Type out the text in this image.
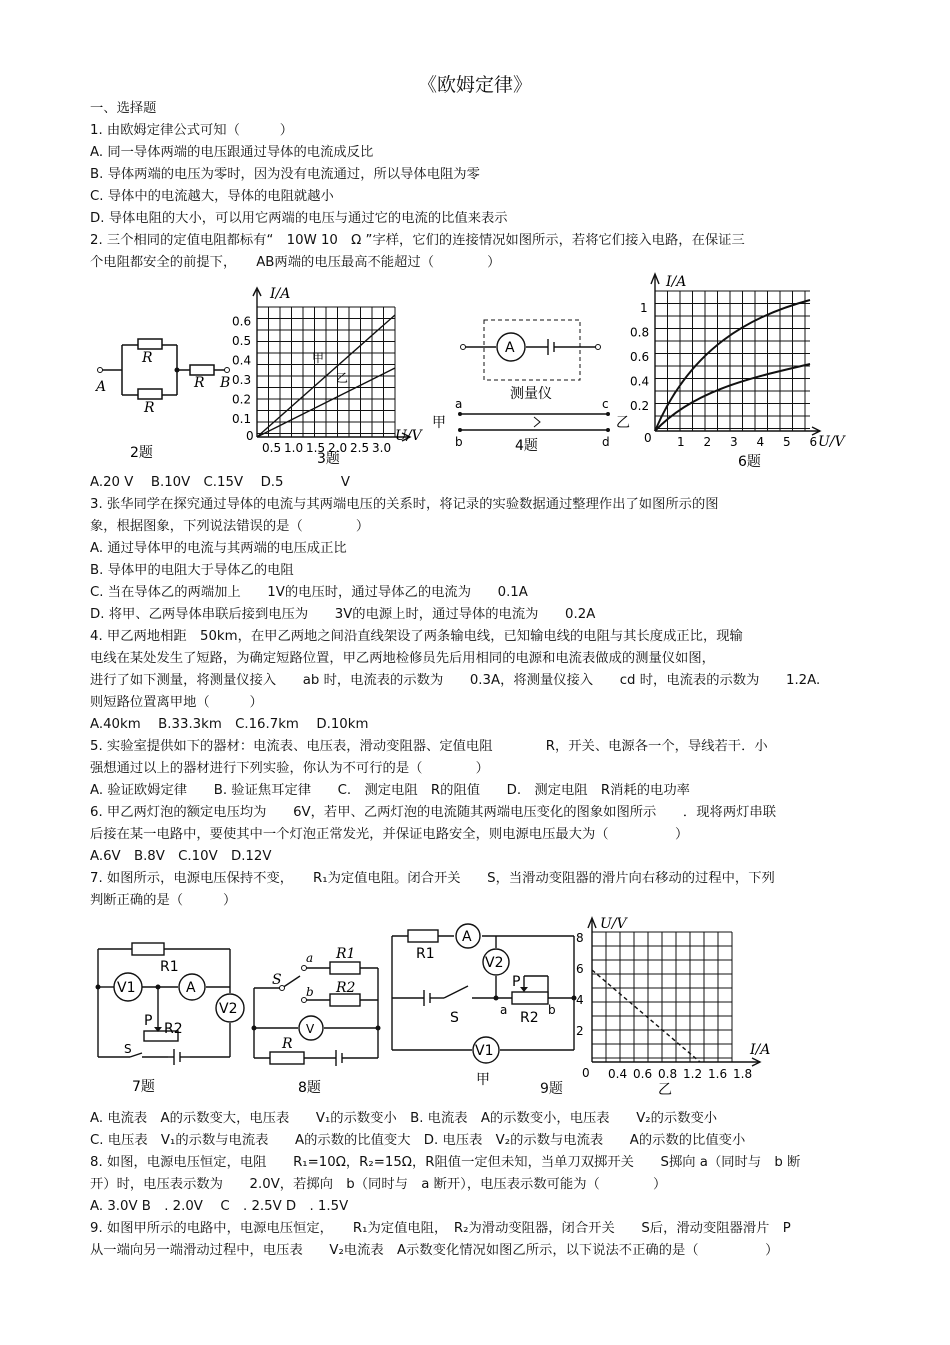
《欧姆定律》
一、选择题
1. 由欧姆定律公式可知（　　　）
A. 同一导体两端的电压跟通过导体的电流成反比
B. 导体两端的电压为零时，因为没有电流通过，所以导体电阻为零
C. 导体中的电流越大，导体的电阻就越小
D. 导体电阻的大小，可以用它两端的电压与通过它的电流的比值来表示
2. 三个相同的定值电阻都标有“　10W 10　Ω ”字样，它们的连接情况如图所示，若将它们接入电路，在保证三
个电阻都安全的前提下，　　AB两端的电压最高不能超过（　　　　）
R
R
R
A	B
2题
I/A
U/V
0
0.1
0.2
0.3
0.4
0.5
0.6
0.5 1.0 1.5 2.0 2.5 3.0
甲
乙
3题
A
测量仪
a
b
c
d
甲	乙
4题
I/A
U/V
0
0.2
0.4
0.6
0.8
1
1 2 3 4 5 6
6题
A.20 V　 B.10V　C.15V　 D.5　　　　 V
3. 张华同学在探究通过导体的电流与其两端电压的关系时，将记录的实验数据通过整理作出了如图所示的图
象，根据图象，下列说法错误的是（　　　　）
A. 通过导体甲的电流与其两端的电压成正比
B. 导体甲的电阻大于导体乙的电阻
C. 当在导体乙的两端加上　　1V的电压时，通过导体乙的电流为　　0.1A
D. 将甲、乙两导体串联后接到电压为　　3V的电源上时，通过导体的电流为　　0.2A
4. 甲乙两地相距　50km，在甲乙两地之间沿直线架设了两条输电线，已知输电线的电阻与其长度成正比，现输
电线在某处发生了短路，为确定短路位置，甲乙两地检修员先后用相同的电源和电流表做成的测量仪如图，
进行了如下测量，将测量仪接入　　ab 时，电流表的示数为　　0.3A，将测量仪接入　　cd 时，电流表的示数为　　1.2A.
则短路位置离甲地（　　　）
A.40km　 B.33.3km　C.16.7km　 D.10km
5. 实验室提供如下的器材：电流表、电压表，滑动变阻器、定值电阻　　　　R，开关、电源各一个，导线若干．小
强想通过以上的器材进行下列实验，你认为不可行的是（　　　　）
A. 验证欧姆定律　　B. 验证焦耳定律　　C.　测定电阻　R的阻值　　D.　测定电阻　R消耗的电功率
6. 甲乙两灯泡的额定电压均为　　6V，若甲、乙两灯泡的电流随其两端电压变化的图象如图所示　　．现将两灯串联
后接在某一电路中，要使其中一个灯泡正常发光，并保证电路安全，则电源电压最大为（　　　　　）
A.6V　B.8V　C.10V　D.12V
7. 如图所示，电源电压保持不变，　　R₁为定值电阻。闭合开关　　S，当滑动变阻器的滑片向右移动的过程中，下列
判断正确的是（　　　）
R1
R2
V1	A
V2
P
S
7题
a
b
R1
R2
R
V
S
8题
R1
A
V2
V1
P
R2
a	b
S
甲
U/V
I/A
0
2
4
6
8
0.4 0.6 0.8 1.2 1.6 1.8
乙
9题
A. 电流表　A的示数变大，电压表　　V₁的示数变小　B. 电流表　A的示数变小，电压表　　V₂的示数变小
C. 电压表　V₁的示数与电流表　　A的示数的比值变大　D. 电压表　V₂的示数与电流表　　A的示数的比值变小
8. 如图，电源电压恒定，电阻　　R₁=10Ω，R₂=15Ω，R阻值一定但未知，当单刀双掷开关　　S掷向 a（同时与　b 断
开）时，电压表示数为　　2.0V，若掷向　b（同时与　a 断开），电压表示数可能为（　　　　）
A. 3.0V B　. 2.0V　 C　. 2.5V D　. 1.5V
9. 如图甲所示的电路中，电源电压恒定，　　R₁为定值电阻，　R₂为滑动变阻器，闭合开关　　S后，滑动变阻器滑片　P
从一端向另一端滑动过程中，电压表　　V₂电流表　A示数变化情况如图乙所示，以下说法不正确的是（　　　　　）
